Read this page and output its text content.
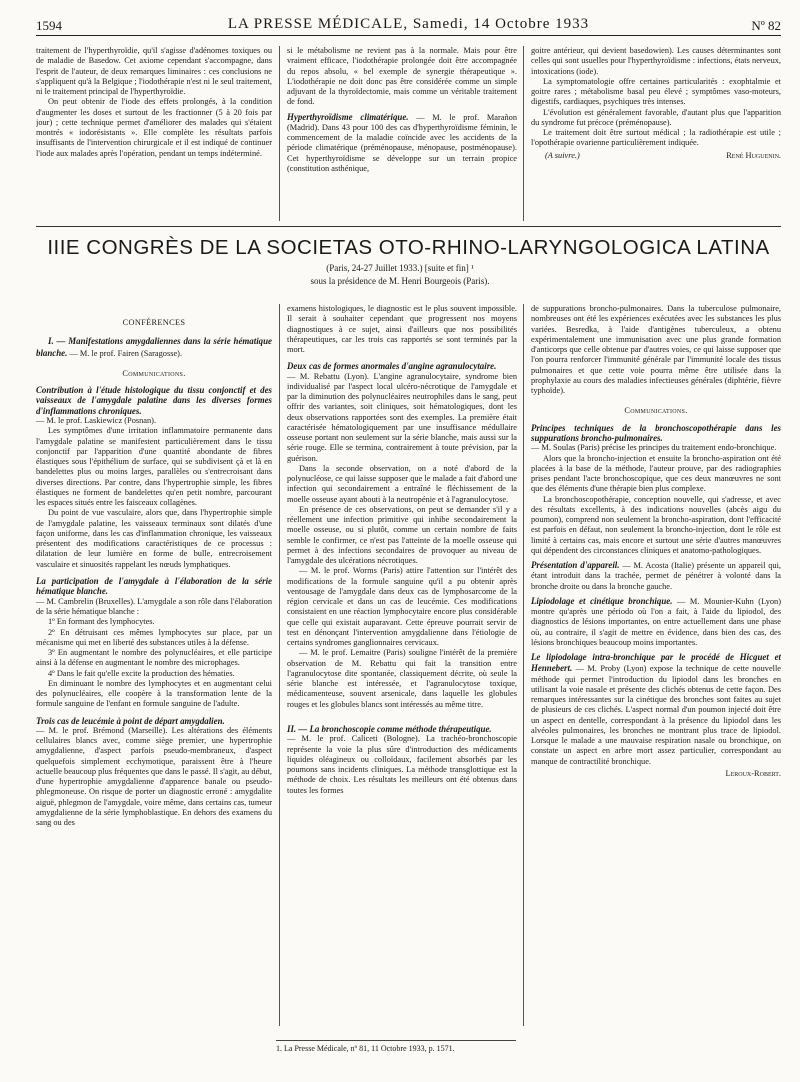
1594	LA PRESSE MÉDICALE, Samedi, 14 Octobre 1933	Nº 82

traitement de l'hyperthyroïdie, qu'il s'agisse d'adénomes toxiques ou de maladie de Basedow. Cet axiome cependant s'accompagne, dans l'esprit de l'auteur, de deux remarques liminaires : ces conclusions ne s'appliquent qu'à la Belgique ; l'iodothérapie n'est ni le seul traitement, ni le traitement principal de l'hyperthyroïdie.

On peut obtenir de l'iode des effets prolongés, à la condition d'augmenter les doses et surtout de les fractionner (5 à 20 fois par jour) ; cette technique permet d'améliorer des malades qui s'étaient montrés « iodorésistants ». Elle complète les résultats parfois insuffisants de l'intervention chirurgicale et il est indiqué de continuer l'iode aux malades après l'opération, pendant un temps indéterminé.

si le métabolisme ne revient pas à la normale. Mais pour être vraiment efficace, l'iodothérapie prolongée doit être accompagnée du repos absolu, « bel exemple de synergie thérapeutique ». L'iodothérapie ne doit donc pas être considérée comme un simple adjuvant de la thyroïdectomie, mais comme un véritable traitement de fond.

Hyperthyroïdisme climatérique. — M. le prof. Marañon (Madrid). Dans 43 pour 100 des cas d'hyperthyroïdisme féminin, le commencement de la maladie coïncide avec les accidents de la période climatérique (préménopause, ménopause, postménopause). Cet hyperthyroïdisme se développe sur un terrain propice (constitution asthénique,

goitre antérieur, qui devient basedowien). Les causes déterminantes sont celles qui sont usuelles pour l'hyperthyroïdisme : infections, états nerveux, intoxications (iode).

La symptomatologie offre certaines particularités : exophtalmie et goitre rares ; métabolisme basal peu élevé ; symptômes vaso-moteurs, digestifs, cardiaques, psychiques très intenses.

L'évolution est généralement favorable, d'autant plus que l'apparition du syndrome fut précoce (préménopause).

Le traitement doit être surtout médical ; la radiothérapie est utile ; l'opothérapie ovarienne particulièrement indiquée.

(A suivre.)	René Huguenin.

IIIE CONGRÈS DE LA SOCIETAS OTO-RHINO-LARYNGOLOGICA LATINA
(Paris, 24-27 Juillet 1933.) [suite et fin] ¹
sous la présidence de M. Henri Bourgeois (Paris).

CONFÉRENCES

I. — Manifestations amygdaliennes dans la série hématique blanche. — M. le prof. Fairen (Saragosse).

Communications.

Contribution à l'étude histologique du tissu conjonctif et des vaisseaux de l'amygdale palatine dans les diverses formes d'inflammations chroniques.

— M. le prof. Laskiewicz (Posnan).

Les symptômes d'une irritation inflammatoire permanente dans l'amygdale palatine se manifestent particulièrement dans le tissu conjonctif par l'apparition d'une quantité abondante de fibres élastiques sous l'épithélium de surface, qui se subdivisent çà et là en bandelettes plus ou moins larges, parallèles ou s'entrecroisant dans diverses directions. Par contre, dans l'hypertrophie simple, les fibres élastiques ne forment de bandelettes qu'en petit nombre, parcourant les espaces situés entre les faisceaux collagènes.

Du point de vue vasculaire, alors que, dans l'hypertrophie simple de l'amygdale palatine, les vaisseaux terminaux sont dilatés d'une façon uniforme, dans les cas d'inflammation chronique, les vaisseaux présentent des modifications caractéristiques de ce processus : dilatation de leur lumière en forme de bulle, entrecroisement vasculaire et sinuosités rappelant les nœuds lymphatiques.

La participation de l'amygdale à l'élaboration de la série hématique blanche.

— M. Cambrelin (Bruxelles). L'amygdale a son rôle dans l'élaboration de la série hématique blanche :

1º En formant des lymphocytes.

2º En détruisant ces mêmes lymphocytes sur place, par un mécanisme qui met en liberté des substances utiles à la défense.

3º En augmentant le nombre des polynucléaires, et elle participe ainsi à la défense en augmentant le nombre des microphages.

4º Dans le fait qu'elle excite la production des hématies.

En diminuant le nombre des lymphocytes et en augmentant celui des polynucléaires, elle coopère à la transformation lente de la formule sanguine de l'enfant en formule sanguine de l'adulte.

Trois cas de leucémie à point de départ amygdalien.

— M. le prof. Brémond (Marseille). Les altérations des éléments cellulaires blancs avec, comme siège premier, une hypertrophie amygdalienne, d'aspect parfois pseudo-membraneux, d'aspect quelquefois simplement ecchymotique, paraissent être à l'heure actuelle beaucoup plus fréquentes que dans le passé. Il s'agit, au début, d'une hypertrophie amygdalienne d'apparence banale ou pseudo-phlegmoneuse. On risque de porter un diagnostic erroné : amygdalite aiguë, phlegmon de l'amygdale, voire même, dans certains cas, tumeur amygdalienne de la série lymphoblastique. En dehors des examens du sang ou des

examens histologiques, le diagnostic est le plus souvent impossible. Il serait à souhaiter cependant que progressent nos moyens diagnostiques à ce sujet, ainsi d'ailleurs que nos possibilités thérapeutiques, car les trois cas rapportés se sont terminés par la mort.

Deux cas de formes anormales d'angine agranulocytaire.

— M. Rebattu (Lyon). L'angine agranulocytaire, syndrome bien individualisé par l'aspect local ulcéro-nécrotique de l'amygdale et par la diminution des polynucléaires neutrophiles dans le sang, peut offrir des variantes, soit cliniques, soit hématologiques, dont les deux observations rapportées sont des exemples. La première était caractérisée hématologiquement par une insuffisance médullaire osseuse portant non seulement sur la série blanche, mais aussi sur la série rouge. Elle se termina, contrairement à toute prévision, par la guérison.

Dans la seconde observation, on a noté d'abord de la polynucléose, ce qui laisse supposer que le malade a fait d'abord une infection qui secondairement a entraîné le fléchissement de la moelle osseuse ayant abouti à la neutropénie et à l'agranulocytose.

En présence de ces observations, on peut se demander s'il y a réellement une infection primitive qui inhibe secondairement la moelle osseuse, ou si plutôt, comme un certain nombre de faits semble le confirmer, ce n'est pas l'atteinte de la moelle osseuse qui permet à des infections secondaires de provoquer au niveau de l'amygdale des ulcérations nécrotiques.

— M. le prof. Worms (Paris) attire l'attention sur l'intérêt des modifications de la formule sanguine qu'il a pu obtenir après ventousage de l'amygdale dans deux cas de lymphosarcome de la région cervicale et dans un cas de leucémie. Ces modifications consistaient en une réaction lymphocytaire encore plus considérable que celle qui existait auparavant. Cette épreuve pourrait servir de test en dénonçant l'intervention amygdalienne dans l'étiologie de certains syndromes ganglionnaires cervicaux.

— M. le prof. Lemaitre (Paris) souligne l'intérêt de la première observation de M. Rebattu qui fait la transition entre l'agranulocytose dite spontanée, classiquement décrite, où seule la série blanche est intéressée, et l'agranulocytose toxique, médicamenteuse, souvent arsenicale, dans laquelle les globules rouges et les globules blancs sont intéressés au même titre.

II. — La bronchoscopie comme méthode thérapeutique.

— M. le prof. Caliceti (Bologne). La trachéo-bronchoscopie représente la voie la plus sûre d'introduction des médicaments liquides oléagineux ou colloïdaux, facilement absorbés par les poumons sans incidents cliniques. La méthode transglottique est la méthode de choix. Les résultats les meilleurs ont été obtenus dans toutes les formes

de suppurations broncho-pulmonaires. Dans la tuberculose pulmonaire, nombreuses ont été les expériences exécutées avec les substances les plus variées. Besredka, à l'aide d'antigènes tuberculeux, a obtenu expérimentalement une immunisation avec une plus grande formation d'anticorps que celle obtenue par d'autres voies, ce qui laisse supposer que l'on pourra renforcer l'immunité générale par l'immunité locale des tissus pulmonaires et que cette voie pourra même être utilisée dans la prophylaxie au cours des maladies infectieuses générales (diphtérie, fièvre typhoïde).

Communications.

Principes techniques de la bronchoscopothérapie dans les suppurations broncho-pulmonaires.

— M. Soulas (Paris) précise les principes du traitement endo-bronchique.

Alors que la broncho-injection et ensuite la broncho-aspiration ont été placées à la base de la méthode, l'auteur prouve, par des radiographies prises pendant l'acte bronchoscopique, que ces deux manœuvres ne sont que des éléments d'une thérapie bien plus complexe.

La bronchoscopothérapie, conception nouvelle, qui s'adresse, et avec des résultats excellents, à des indications nouvelles (abcès aigu du poumon), comprend non seulement la broncho-aspiration, dont l'efficacité est parfois en défaut, non seulement la broncho-injection, dont le rôle est limité à certains cas, mais encore et surtout une série d'autres manœuvres qui dépendent des circonstances cliniques et anatomo-pathologiques.

Présentation d'appareil. — M. Acosta (Italie) présente un appareil qui, étant introduit dans la trachée, permet de pénétrer à volonté dans la bronche droite ou dans la bronche gauche.

Lipiodolage et cinétique bronchique. — M. Mounier-Kuhn (Lyon) montre qu'après une périodo où l'on a fait, à l'aide du lipiodol, des diagnostics de lésions importantes, on entre actuellement dans une phase où, au contraire, il s'agit de mettre en évidence, dans bien des cas, des lésions bronchiques beaucoup moins importantes.

Le lipiodolage intra-bronchique par le procédé de Hicguet et Hennebert. — M. Proby (Lyon) expose la technique de cette nouvelle méthode qui permet l'introduction du lipiodol dans les bronches en utilisant la voie nasale et présente des clichés obtenus de cette façon. Des remarques intéressantes sur la cinétique des bronches sont faites au sujet de plusieurs de ces clichés. L'aspect normal d'un poumon injecté doit être un aspect en dentelle, correspondant à la présence du lipiodol dans les alvéoles pulmonaires, les bronches ne montrant plus trace de lipiodol. Lorsque le malade a une mauvaise respiration nasale ou bronchique, on constate un aspect en arbre mort assez particulier, correspondant au manque de contractilité bronchique.

Leroux-Robert.

1. La Presse Médicale, nº 81, 11 Octobre 1933, p. 1571.
